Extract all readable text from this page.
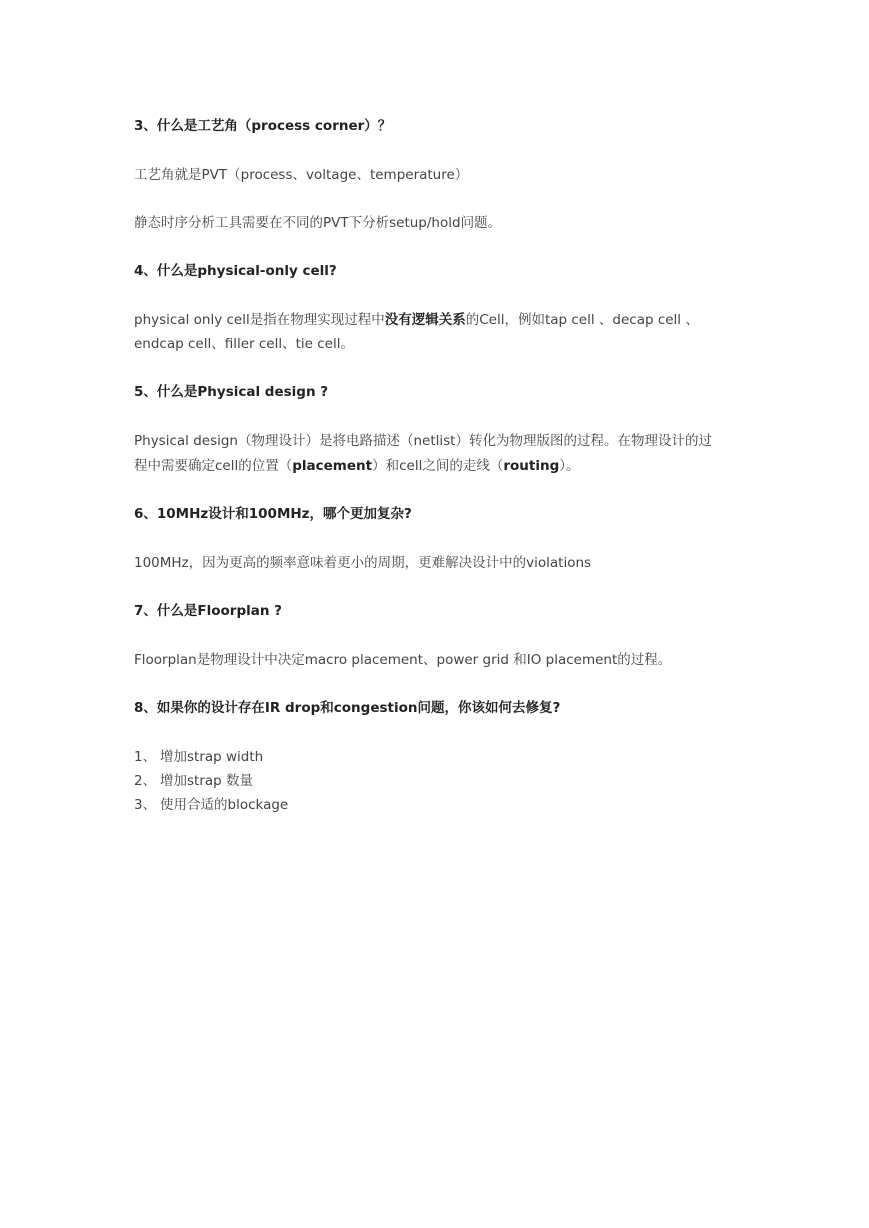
3、什么是工艺角（process corner）？
工艺角就是PVT（process、voltage、temperature）
静态时序分析工具需要在不同的PVT下分析setup/hold问题。
4、什么是physical-only cell?
physical only cell是指在物理实现过程中没有逻辑关系的Cell，例如tap cell 、decap cell 、
endcap cell、filler cell、tie cell。
5、什么是Physical design ?
Physical design（物理设计）是将电路描述（netlist）转化为物理版图的过程。在物理设计的过
程中需要确定cell的位置（placement）和cell之间的走线（routing）。
6、10MHz设计和100MHz，哪个更加复杂?
100MHz，因为更高的频率意味着更小的周期，更难解决设计中的violations
7、什么是Floorplan ?
Floorplan是物理设计中决定macro placement、power grid 和IO placement的过程。
8、如果你的设计存在IR drop和congestion问题，你该如何去修复?
1、 增加strap width
2、 增加strap 数量
3、 使用合适的blockage
